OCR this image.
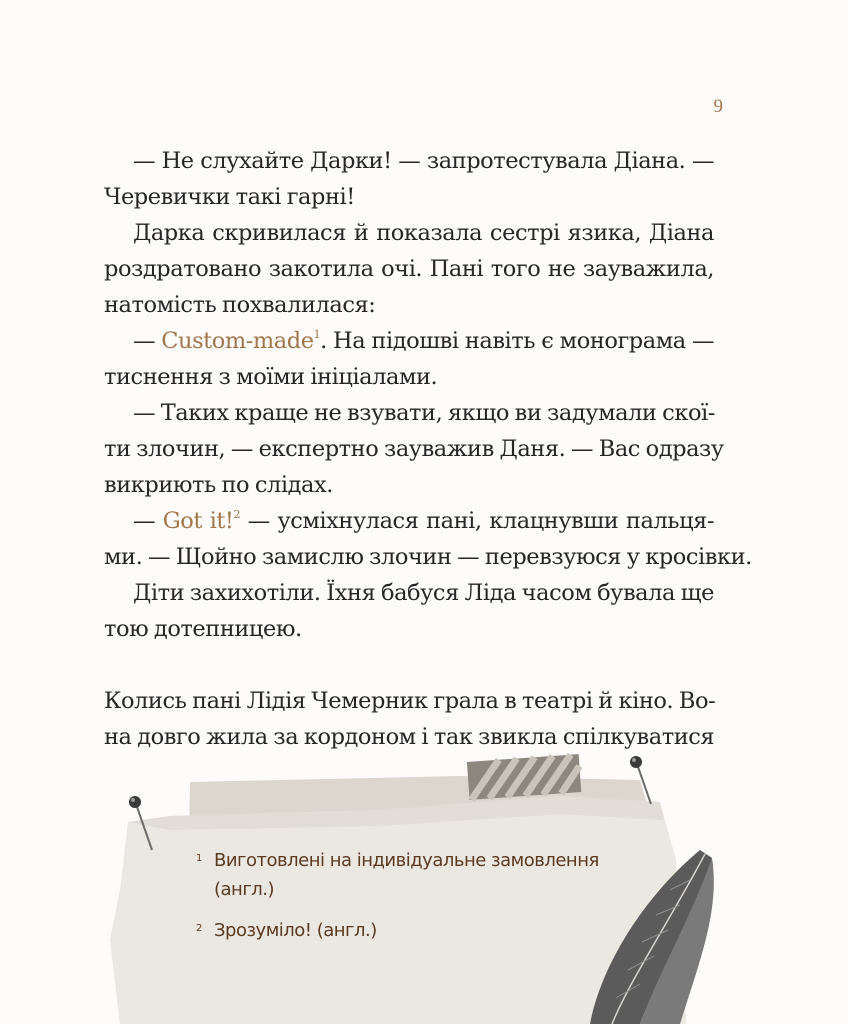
9
— Не слухайте Дарки! — запротестувала Діана. —
Черевички такі гарні!
Дарка скривилася й показала сестрі язика, Діана
роздратовано закотила очі. Пані того не зауважила,
натомість похвалилася:
— Custom-made$^1$. На підошві навіть є монограма —
тиснення з моїми ініціалами.
— Таких краще не взувати, якщо ви задумали скої-
ти злочин, — експертно зауважив Даня. — Вас одразу
викриють по слідах.
— Got it!$^2$ — усміхнулася пані, клацнувши пальця-
ми. — Щойно замислю злочин — перевзуюся у кросівки.
Діти захихотіли. Їхня бабуся Ліда часом бувала ще
тою дотепницею.
Колись пані Лідія Чемерник грала в театрі й кіно. Во-
на довго жила за кордоном і так звикла спілкуватися
1 Виготовлені на індивідуальне замовлення
(англ.)
2 Зрозуміло! (англ.)
